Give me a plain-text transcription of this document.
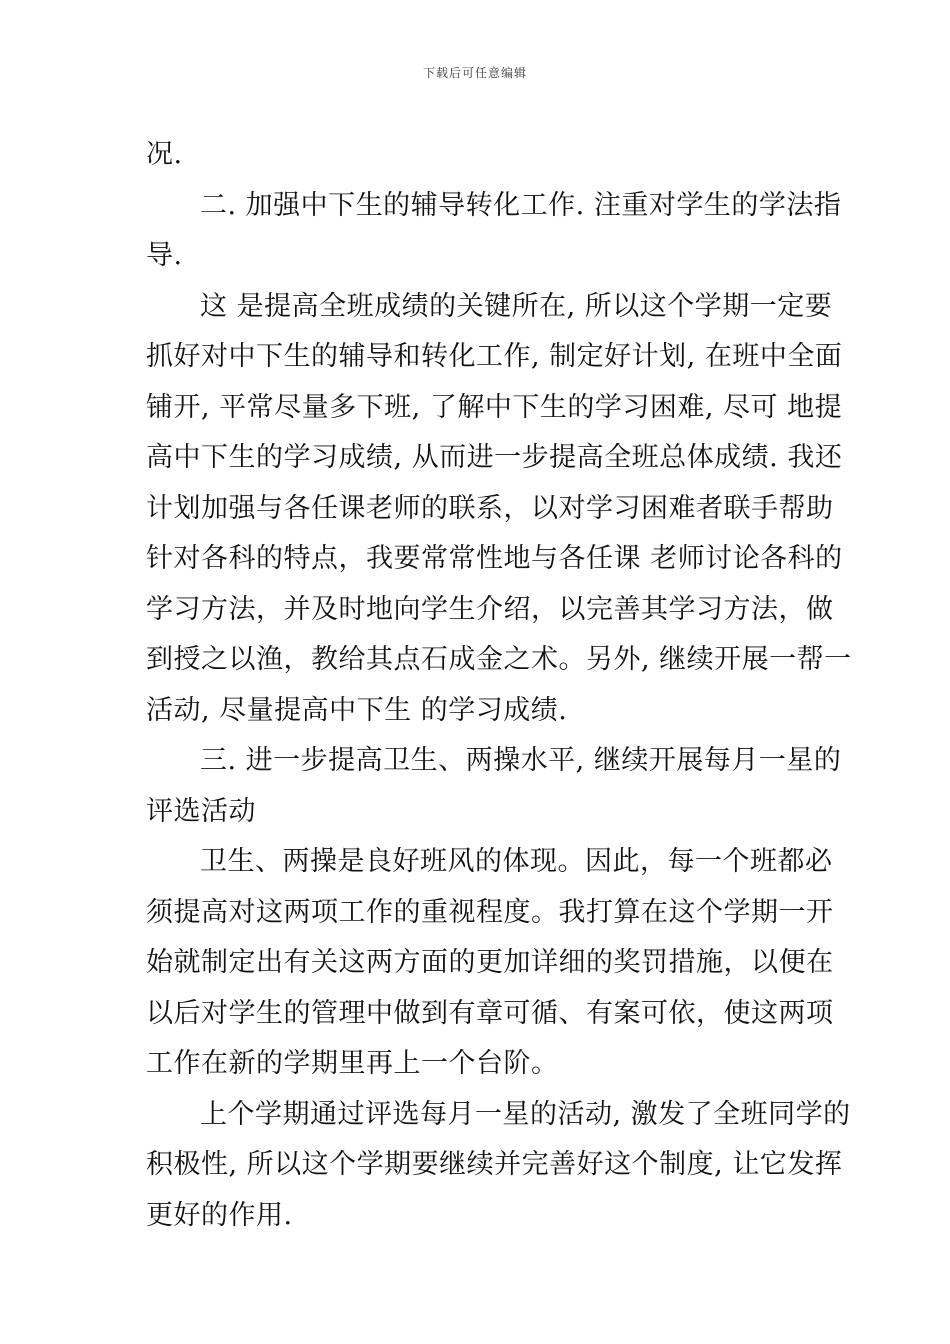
下载后可任意编辑
况.
二. 加强中下生的辅导转化工作. 注重对学生的学法指
导.
这 是提高全班成绩的关键所在, 所以这个学期一定要
抓好对中下生的辅导和转化工作, 制定好计划, 在班中全面
铺开, 平常尽量多下班, 了解中下生的学习困难, 尽可 地提
高中下生的学习成绩, 从而进一步提高全班总体成绩. 我还
计划加强与各任课老师的联系，以对学习困难者联手帮助
针对各科的特点，我要常常性地与各任课 老师讨论各科的
学习方法，并及时地向学生介绍，以完善其学习方法，做
到授之以渔，教给其点石成金之术。另外, 继续开展一帮一
活动, 尽量提高中下生 的学习成绩.
三. 进一步提高卫生、两操水平, 继续开展每月一星的
评选活动
卫生、两操是良好班风的体现。因此，每一个班都必
须提高对这两项工作的重视程度。我打算在这个学期一开
始就制定出有关这两方面的更加详细的奖罚措施，以便在
以后对学生的管理中做到有章可循、有案可依，使这两项
工作在新的学期里再上一个台阶。
上个学期通过评选每月一星的活动, 激发了全班同学的
积极性, 所以这个学期要继续并完善好这个制度, 让它发挥
更好的作用.
